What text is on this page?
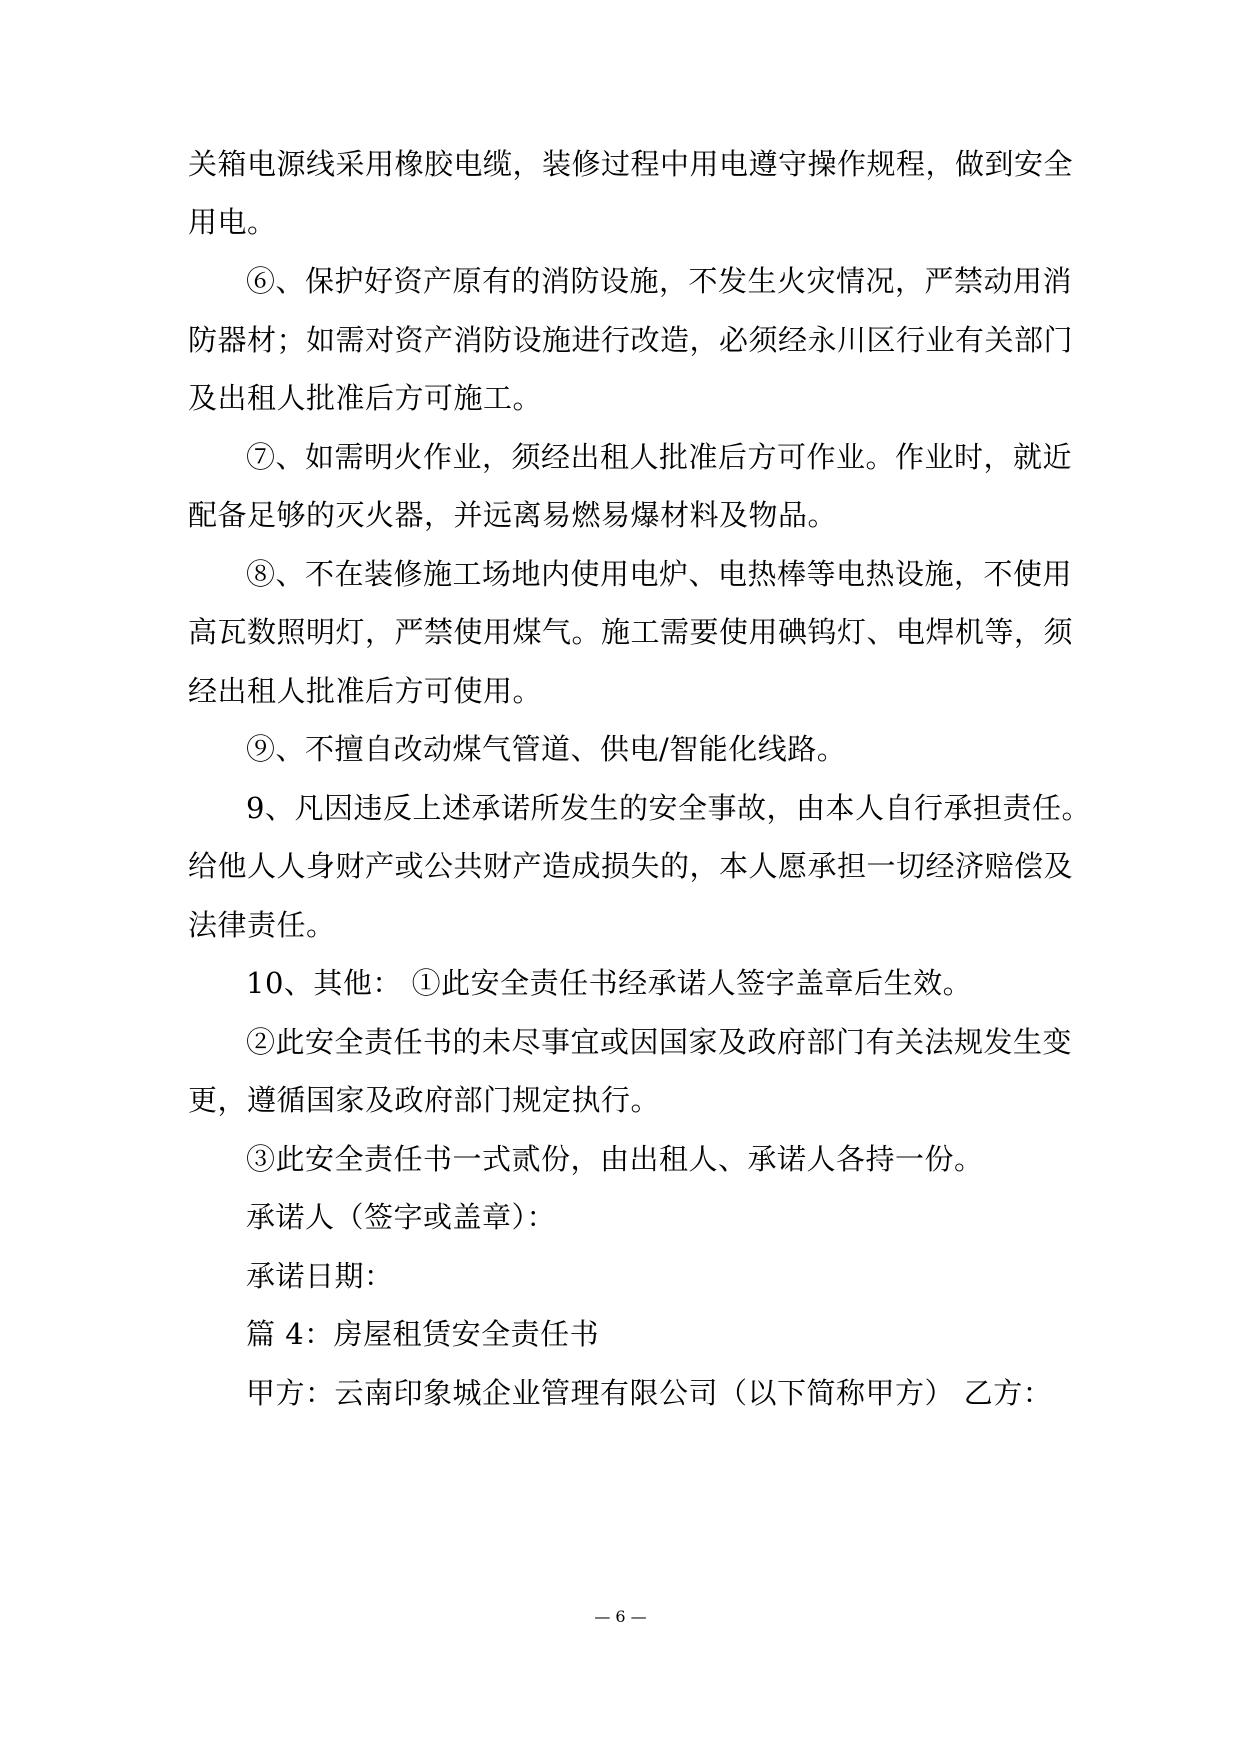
关箱电源线采用橡胶电缆，装修过程中用电遵守操作规程，做到安全
用电。
⑥、保护好资产原有的消防设施，不发生火灾情况，严禁动用消
防器材；如需对资产消防设施进行改造，必须经永川区行业有关部门
及出租人批准后方可施工。
⑦、如需明火作业，须经出租人批准后方可作业。作业时，就近
配备足够的灭火器，并远离易燃易爆材料及物品。
⑧、不在装修施工场地内使用电炉、电热棒等电热设施，不使用
高瓦数照明灯，严禁使用煤气。施工需要使用碘钨灯、电焊机等，须
经出租人批准后方可使用。
⑨、不擅自改动煤气管道、供电/智能化线路。
9、凡因违反上述承诺所发生的安全事故，由本人自行承担责任。
给他人人身财产或公共财产造成损失的，本人愿承担一切经济赔偿及
法律责任。
10、其他： ①此安全责任书经承诺人签字盖章后生效。
②此安全责任书的未尽事宜或因国家及政府部门有关法规发生变
更，遵循国家及政府部门规定执行。
③此安全责任书一式贰份，由出租人、承诺人各持一份。
承诺人（签字或盖章）：
承诺日期：
篇 4：房屋租赁安全责任书
甲方：云南印象城企业管理有限公司（以下简称甲方） 乙方：
— 6 —
